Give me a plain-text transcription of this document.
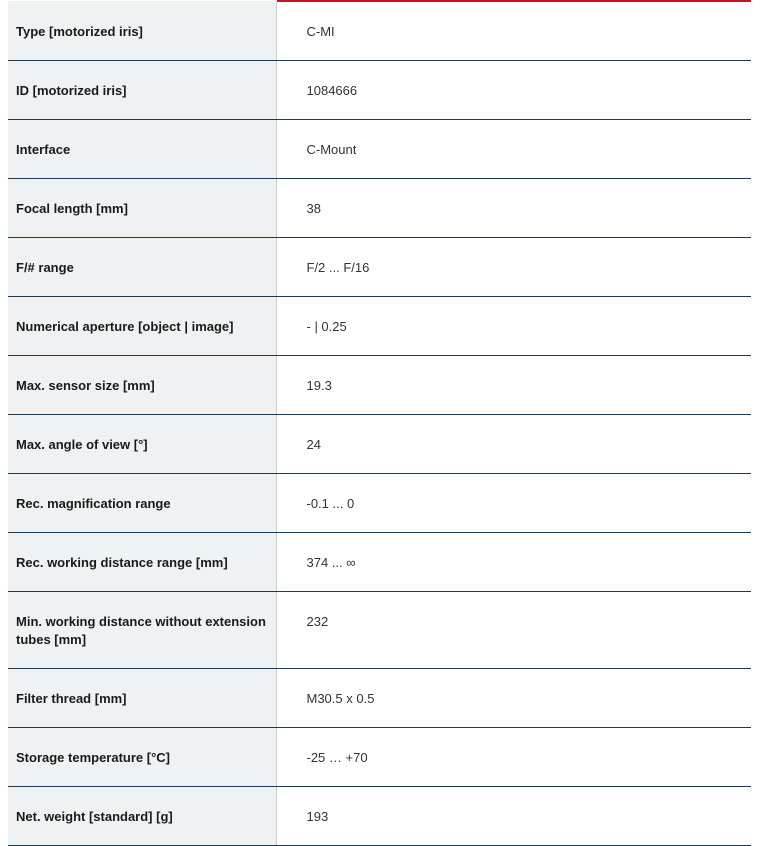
Type [motorized iris]	C-MI
ID [motorized iris]	1084666
Interface	C-Mount
Focal length [mm]	38
F/# range	F/2 ... F/16
Numerical aperture [object | image]	- | 0.25
Max. sensor size [mm]	19.3
Max. angle of view [°]	24
Rec. magnification range	-0.1 ... 0
Rec. working distance range [mm]	374 ... ∞
Min. working distance without extension tubes [mm]	232
Filter thread [mm]	M30.5 x 0.5
Storage temperature [°C]	-25 … +70
Net. weight [standard] [g]	193
